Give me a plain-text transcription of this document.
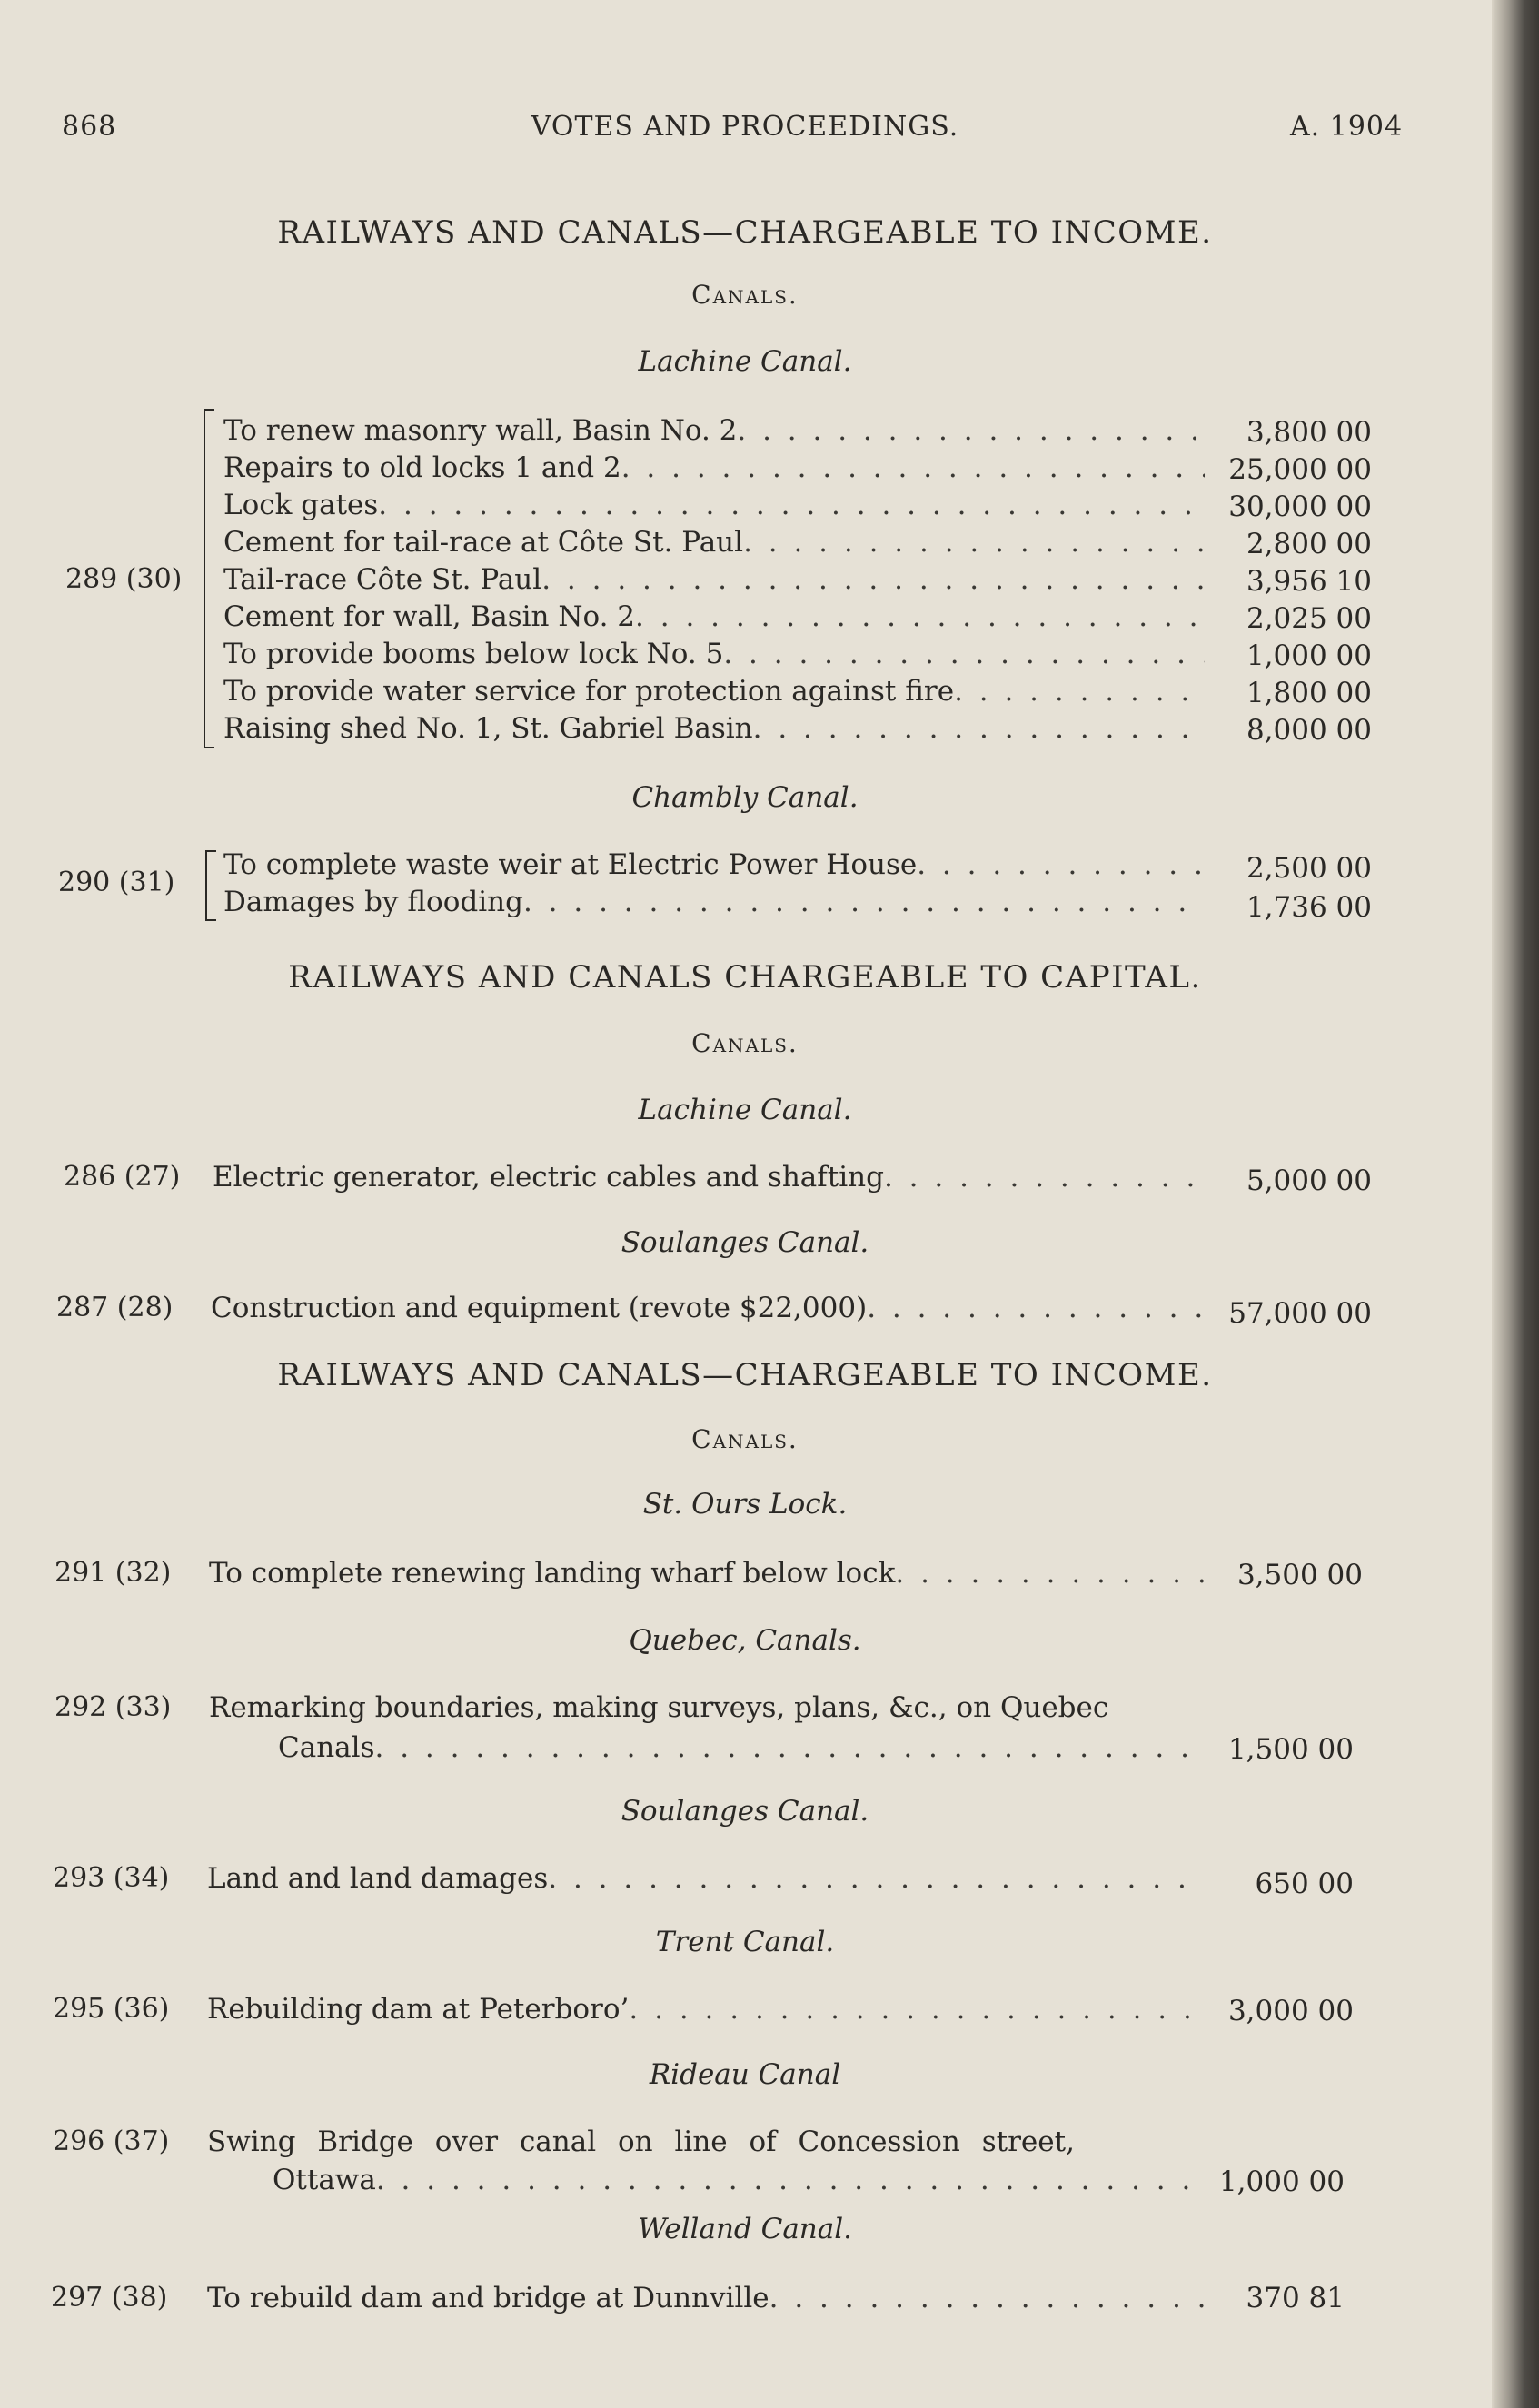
868	VOTES AND PROCEEDINGS.	A. 1904
RAILWAYS AND CANALS—CHARGEABLE TO INCOME.
Canals.
Lachine Canal.
289 (30)
To renew masonry wall, Basin No. 2 . . .	3,800 00
Repairs to old locks 1 and 2 . . .	25,000 00
Lock gates . . .	30,000 00
Cement for tail-race at Côte St. Paul . . .	2,800 00
Tail-race Côte St. Paul . . .	3,956 10
Cement for wall, Basin No. 2 . . .	2,025 00
To provide booms below lock No. 5 . . .	1,000 00
To provide water service for protection against fire . . .	1,800 00
Raising shed No. 1, St. Gabriel Basin . . .	8,000 00
Chambly Canal.
290 (31)
To complete waste weir at Electric Power House . . .	2,500 00
Damages by flooding . . .	1,736 00
RAILWAYS AND CANALS CHARGEABLE TO CAPITAL.
Canals.
Lachine Canal.
286 (27) Electric generator, electric cables and shafting . . .	5,000 00
Soulanges Canal.
287 (28) Construction and equipment (revote $22,000) . . .	57,000 00
RAILWAYS AND CANALS—CHARGEABLE TO INCOME.
Canals.
St. Ours Lock.
291 (32) To complete renewing landing wharf below lock . . .	3,500 00
Quebec, Canals.
292 (33) Remarking boundaries, making surveys, plans, &c., on Quebec
Canals . . .	1,500 00
Soulanges Canal.
293 (34) Land and land damages . . .	650 00
Trent Canal.
295 (36) Rebuilding dam at Peterboro’ . . .	3,000 00
Rideau Canal
296 (37) Swing Bridge over canal on line of Concession street,
Ottawa . . .	1,000 00
Welland Canal.
297 (38) To rebuild dam and bridge at Dunnville . . .	370 81
